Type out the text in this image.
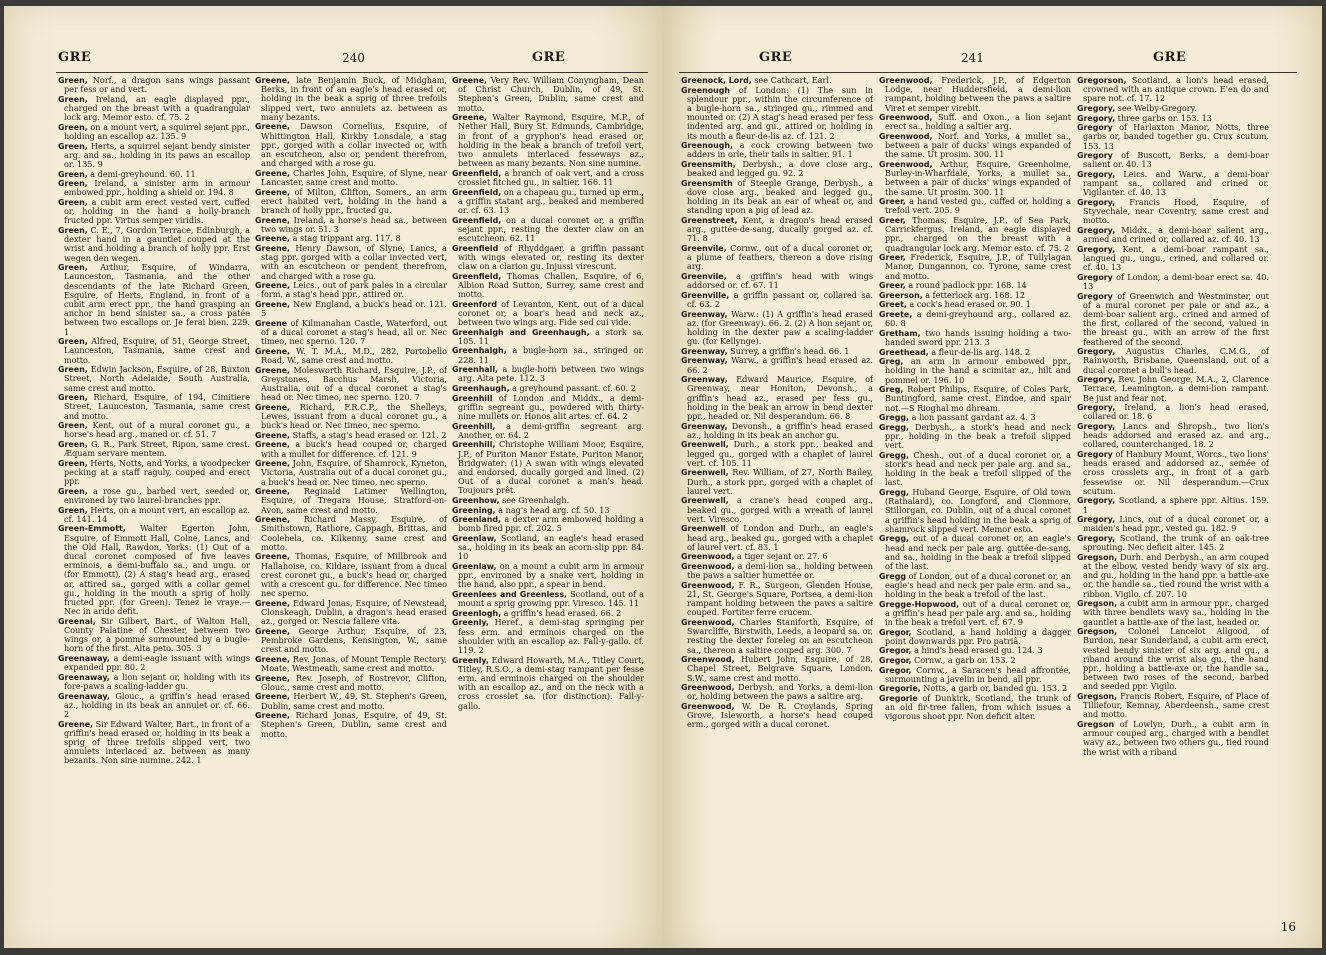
GRE	240	GRE
Green, Norf., a dragon sans wings passant per fess or and vert.
Green, Ireland, an eagle displayed ppr., charged on the breast with a quadrangular lock arg. Memor esto. cf. 75. 2
Green, on a mount vert, a squirrel sejant ppr., holding an escallop az. 135. 9
Green, Herts, a squirrel sejant bendy sinister arg. and sa., holding in its paws an escallop or. 135. 9
Green, a demi-greyhound. 60. 11
Green, Ireland, a sinister arm in armour embowed ppr., holding a shield or. 194. 8
Green, a cubit arm erect vested vert, cuffed or, holding in the hand a holly-branch fructed ppr. Virtus semper viridis.
Green, C. E., 7, Gordon Terrace, Edinburgh, a dexter hand in a gauntlet couped at the wrist and holding a branch of holly ppr. Erst wegen den wegen.
Green, Arthur, Esquire, of Windarra, Launceston, Tasmania, and the other descendants of the late Richard Green, Esquire, of Herts, England, in front of a cubit arm erect ppr., the hand grasping an anchor in bend sinister sa., a cross patée between two escallops or. Je ferai bien. 229. 1
Green, Alfred, Esquire, of 51, George Street, Launceston, Tasmania, same crest and motto.
Green, Edwin Jackson, Esquire, of 28, Buxton Street, North Adelaide, South Australia, same crest and motto.
Green, Richard, Esquire, of 194, Cimitiere Street, Launceston, Tasmania, same crest and motto.
Green, Kent, out of a mural coronet gu., a horse's head arg., maned or. cf. 51. 7
Green, G. R., Park Street, Ripon, same crest. Æquam servare mentem.
Green, Herts, Notts, and Yorks, a woodpecker pecking at a staff raguly, couped and erect ppr.
Green, a rose gu., barbed vert, seeded or, environed by two laurel-branches ppr.
Green, Herts, on a mount vert, an escallop az. cf. 141. 14
Green-Emmott, Walter Egerton John, Esquire, of Emmott Hall, Colne, Lancs, and the Old Hall, Rawdon, Yorks: (1) Out of a ducal coronet composed of five leaves erminois, a demi-buffalo sa., and ungu. or (for Emmott). (2) A stag's head arg., erased or, attired sa., gorged with a collar gemel gu., holding in the mouth a sprig of holly fructed ppr. (for Green). Tenez le vraye.—Nec in arido defit.
Greenal, Sir Gilbert, Bart., of Walton Hall, County Palatine of Chester, between two wings or, a pommé surmounted by a bugle-horn of the first. Alta peto. 305. 3
Greenaway, a demi-eagle issuant with wings expanded ppr. 80. 2
Greenaway, a lion sejant or, holding with its fore-paws a scaling-ladder gu.
Greenaway, Glouc., a griffin's head erased az., holding in its beak an annulet or. cf. 66. 2
Greene, Sir Edward Walter, Bart., in front of a griffin's head erased or, holding in its beak a sprig of three trefoils slipped vert, two annulets interlaced az. between as many bezants. Non sine numine. 242. 1
Greene, late Benjamin Buck, of Midgham, Berks, in front of an eagle's head erased or, holding in the beak a sprig of three trefoils slipped vert, two annulets az. between as many bezants.
Greene, Dawson Cornelius, Esquire, of Whittington Hall, Kirkby Lonsdale, a stag ppr., gorged with a collar invected or, with an escutcheon, also or, pendent therefrom, and charged with a rose gu.
Greene, Charles John, Esquire, of Slyne, near Lancaster, same crest and motto.
Greene, of Milton, Clifton, Somers., an arm erect habited vert, holding in the hand a branch of holly ppr., fructed gu.
Greene, Ireland, a horse's head sa., between two wings or. 51. 3
Greene, a stag trippant arg. 117. 8
Greene, Henry Dawson, of Slyne, Lancs, a stag ppr. gorged with a collar invected vert, with an escutcheon or pendent therefrom, and charged with a rose gu.
Greene, Leics., out of park pales in a circular form, a stag's head ppr., attired or.
Greene, New England, a buck's head or. 121. 5
Greene of Kilmanahan Castle, Waterford, out of a ducal coronet a stag's head, all or. Nec timeo, nec sperno. 120. 7
Greene, W. T. M.A., M.D., 282, Portobello Road, W., same crest and motto.
Greene, Molesworth Richard, Esquire, J.P., of Greystones, Bacchus Marsh, Victoria, Australia, out of a ducal coronet a stag's head or. Nec timeo, nec sperno. 120. 7
Greene, Richard, F.R.C.P., the Shelleys, Lewes, issuant from a ducal coronet gu., a buck's head or. Nec timeo, nec sperno.
Greene, Staffs, a stag's head erased or. 121. 2
Greene, a buck's head couped or, charged with a mullet for difference. cf. 121. 9
Greene, John, Esquire, of Shamrock, Kyneton, Victoria, Australia out of a ducal coronet gu., a buck's head or. Nec timeo, nec sperno.
Greene, Reginald Latimer Wellington, Esquire, of Tregara House, Stratford-on-Avon, same crest and motto.
Greene, Richard Massy, Esquire, of Smithstown, Rathore, Cappagh, Brittas, and Coolehela, co. Kilkenny, same crest and motto.
Greene, Thomas, Esquire, of Millbrook and Hallahoise, co. Kildare, issuant from a ducal crest coronet gu., a buck's head or, charged with a crescent gu. for difference. Nec timeo nec sperno.
Greene, Edward Jonas, Esquire, of Newstead, Clonskeagh, Dublin, a dragon's head erased az., gorged or. Nescia fallere vita.
Greene, George Arthur, Esquire, of 23, Pembroke Gardens, Kensington, W., same crest and motto.
Greene, Rev. Jonas, of Mount Temple Rectory, Moate, Westmeath, same crest and motto.
Greene, Rev. Joseph, of Rostrevor, Clifton, Glouc., same crest and motto.
Greene, Herbert W., 49, St. Stephen's Green, Dublin, same crest and motto.
Greene, Richard Jonas, Esquire, of 49, St. Stephen's Green, Dublin, same crest and motto.
Greene, Very Rev. William Conyngham, Dean of Christ Church, Dublin, of 49, St. Stephen's Green, Dublin, same crest and motto.
Greene, Walter Raymond, Esquire, M.P., of Nether Hall, Bury St. Edmunds, Cambridge, in front of a gryphon's head erased or, holding in the beak a branch of trefoil vert, two annulets interlaced fesseways az., between as many bezants. Non sine numine.
Greenfield, a branch of oak vert, and a cross crosslet fitched gu., in saltier. 166. 11
Greenfield, on a chapeau gu., turned up erm., a griffin statant arg., beaked and membered or. cf. 63. 13
Greenfield, on a ducal coronet or, a griffin sejant ppr., resting the dexter claw on an escutcheon. 62. 11
Greenfield of Rhyddgaer, a griffin passant with wings elevated or, resting its dexter claw on a clarion gu. Injussi virescunt.
Greenfield, Thomas Challen, Esquire, of 6, Albion Road Sutton, Surrey, same crest and motto.
Greenford of Levanton, Kent, out of a ducal coronet or, a boar's head and neck az., between two wings arg. Fide sed cui vide.
Greenhalgh and Greenhaugh, a stork sa. 105. 11
Greenhalgh, a bugle-horn sa., stringed or. 228. 11
Greenhall, a bugle-horn between two wings arg. Alta pete. 112. 3
Greenhaugh, a greyhound passant. cf. 60. 2
Greenhill of London and Middx., a demi-griffin segreant gu., powdered with thirty-nine mullets or. Honos alit artes. cf. 64. 2
Greenhill, a demi-griffin segreant arg. Another, or. 64. 2
Greenhill, Christophe William Moor, Esquire, J.P., of Puriton Manor Estate, Puriton Manor, Bridgwater: (1) A swan with wings elevated and endorsed, ducally gorged and lined. (2) Out of a ducal coronet a man's head. Toujours prêt.
Greenhow, see Greenhalgh.
Greening, a nag's head arg. cf. 50. 13
Greenland, a dexter arm embowed holding a bomb fired ppr. cf. 202. 5
Greenlaw, Scotland, an eagle's head erased sa., holding in its beak an acorn-slip ppr. 84. 10
Greenlaw, on a mount a cubit arm in armour ppr., environed by a snake vert, holding in the hand, also ppr., a spear in bend.
Greenlees and Greenless, Scotland, out of a mount a sprig growing ppr. Viresco. 145. 11
Greenlogh, a griffin's head erased. 66. 2
Greenly, Heref., a demi-stag springing per fess erm. and erminois charged on the shoulder with an escallop az. Fall-y-gallo. cf. 119. 2
Greenly, Edward Howarth, M.A., Titley Court, Titley, R.S.O., a demi-stag rampant per fesse erm. and erminois charged on the shoulder with an escallop az., and on the neck with a cross crosslet sa. (for distinction). Fall-y-gallo.
GRE	241	GRE
Greenock, Lord, see Cathcart, Earl.
Greenough of London: (1) The sun in splendour ppr., within the circumference of a bugle-horn sa., stringed gu., rimmed and mounted or. (2) A stag's head erased per fess indented arg. and gu., attired or, holding in its mouth a fleur-de-lis az. cf. 121. 2
Greenough, a cock crowing between two adders in orle, their tails in saltier. 91. 1
Greensmith, Derbysh., a dove close arg., beaked and legged gu. 92. 2
Greensmith of Steeple Grange, Derbysh., a dove close arg., beaked and legged gu., holding in its beak an ear of wheat or, and standing upon a pig of lead az.
Greenstreet, Kent, a dragon's head erased arg., guttée-de-sang, ducally gorged az. cf. 71. 8
Greenvile, Cornw., out of a ducal coronet or, a plume of feathers, thereon a dove rising arg.
Greenvile, a griffin's head with wings addorsed or. cf. 67. 11
Greenville, a griffin passant or, collared sa. cf. 63. 2
Greenway, Warw.: (1) A griffin's head erased az. (for Greenway). 66. 2. (2) A lion sejant or, holding in the dexter paw a scaling-ladder gu. (for Kellynge).
Greenway, Surrey, a griffin's head. 66. 1
Greenway, Warw., a griffin's head erased az. 66. 2
Greenway, Edward Maurice, Esquire, of Greenway, near Honiton, Devonsh., a griffin's head az., erased per fess gu., holding in the beak an arrow in bend dexter ppr., headed or. Nil desperandum. 66. 8
Greenway, Devonsh., a griffin's head erased az., holding in its beak an anchor gu.
Greenwell, Durh., a stork ppr., beaked and legged gu., gorged with a chaplet of laurel vert. cf. 105. 11
Greenwell, Rev. William, of 27, North Bailey, Durh., a stork ppr., gorged with a chaplet of laurel vert.
Greenwell, a crane's head couped arg., beaked gu., gorged with a wreath of laurel vert. Viresco.
Greenwell of London and Durh., an eagle's head arg., beaked gu., gorged with a chaplet of laurel vert. cf. 83. 1
Greenwood, a tiger sejant or. 27. 6
Greenwood, a demi-lion sa., holding between the paws a saltier humettée or.
Greenwood, F. R., Surgeon, Glenden House, 21, St. George's Square, Portsea, a demi-lion rampant holding between the paws a saltire couped. Fortiter ferre crucem.
Greenwood, Charles Staniforth, Esquire, of Swarcliffe, Birstwith, Leeds, a leopard sa. or, resting the dexter foreleg on an escutcheon sa., thereon a saltire couped arg. 300. 7
Greenwood, Hubert John, Esquire, of 28, Chapel Street, Belgrave Square, London, S.W., same crest and motto.
Greenwood, Derbysh. and Yorks, a demi-lion or, holding between the paws a saltire arg.
Greenwood, W. De R. Croylands, Spring Grove, Isleworth, a horse's head couped erm., gorged with a ducal coronet.
Greenwood, Frederick, J.P., of Edgerton Lodge, near Huddersfield, a demi-lion rampant, holding between the paws a saltire Viret et semper virebit.
Greenwood, Suff. and Oxon., a lion sejant erect sa., holding a saltier arg.
Greenwood, Norf. and Yorks, a mullet sa., between a pair of ducks' wings expanded of the same. Ut prosim. 300. 11
Greenwood, Arthur, Esquire, Greenholme, Burley-in-Wharfdale, Yorks, a mullet sa., between a pair of ducks' wings expanded of the same. Ut prosim. 300. 11
Greer, a hand vested gu., cuffed or, holding a trefoil vert. 205. 9
Greer, Thomas, Esquire, J.P., of Sea Park, Carrickfergus, Ireland, an eagle displayed ppr., charged on the breast with a quadrangular lock arg. Memor esto. cf. 75. 2
Greer, Frederick, Esquire, J.P., of Tullylagan Manor, Dungannon, co. Tyrone, same crest and motto.
Greer, a round padlock ppr. 168. 14
Greerson, a fetterlock arg. 168. 12
Greet, a cock's head erased or. 90. 1
Greete, a demi-greyhound arg., collared az. 60. 8
Gretham, two hands issuing holding a two-handed sword ppr. 213. 3
Greethead, a fleur-de-lis arg. 148. 2
Greg, an arm in armour embowed ppr., holding in the hand a scimitar az., hilt and pommel or. 196. 10
Greg, Robert Philips, Esquire, of Coles Park, Buntingford, same crest. Eindoe, and spair not.—S Rioghal mo dhream.
Gregg, a lion passant gardant az. 4. 3
Gregg, Derbysh., a stork's head and neck ppr., holding in the beak a trefoil slipped vert.
Gregg, Chesh., out of a ducal coronet or, a stork's head and neck per pale arg. and sa., holding in the beak a trefoil slipped of the last.
Gregg, Huband George, Esquire, of Old town (Rathalard), co. Longford, and Clonmore, Stillorgan, co. Dublin, out of a ducal coronet a griffin's head holding in the beak a sprig of shamrock slipped vert. Memor esto.
Gregg, out of a ducal coronet or, an eagle's head and neck per pale arg. guttée-de-sang, and sa., holding in the beak a trefoil slipped of the last.
Gregg of London, out of a ducal coronet or, an eagle's head and neck per pale erm. and sa., holding in the beak a trefoil of the last.
Gregge-Hopwood, out of a ducal coronet or, a griffin's head per pale arg. and sa., holding in the beak a trefoil vert. cf. 67. 9
Gregor, Scotland, a hand holding a dagger point downwards ppr. Pro patriâ.
Gregor, a hind's head erased gu. 124. 3
Gregor, Cornw., a garb or. 153. 2
Gregor, Cornw., a Saracen's head affrontée, surmounting a javelin in bend, all ppr.
Gregorie, Notts, a garb or, banded gu. 153. 2
Gregorie of Dunkirk, Scotland, the trunk of an old fir-tree fallen, from which issues a vigorous shoot ppr. Non deficit alter.
Gregorson, Scotland, a lion's head erased, crowned with an antique crown. E'en do and spare not. cf. 17. 12
Gregory, see Welby-Gregory.
Gregory, three garbs or. 153. 13
Gregory of Harlaxton Manor, Notts, three garbs or, banded together gu. Crux scutum. 153. 13
Gregory of Buscott, Berks, a demi-boar salient or. 40. 13
Gregory, Leics. and Warw., a demi-boar rampant sa., collared and crined or. Vigilanter. cf. 40. 13
Gregory, Francis Hood, Esquire, of Styvechale, near Coventry, same crest and motto.
Gregory, Middx., a demi-boar salient arg., armed and crined or, collared az. cf. 40. 13
Gregory, Kent, a demi-boar rampant sa., langued gu., ungu., crined, and collared or. cf. 40. 13
Gregory of London, a demi-boar erect sa. 40. 13
Gregory of Greenwich and Westminster, out of a mural coronet per pale or and az., a demi-boar salient arg., crined and armed of the first, collared of the second, valued in the breast gu., with an arrow of the first feathered of the second.
Gregory, Augustus Charles, C.M.G., of Rainworth, Brisbane, Queensland, out of a ducal coronet a bull's head.
Gregory, Rev. John George, M.A., 2, Clarence Terrace, Leamington, a demi-lion rampant. Be just and fear not.
Gregory, Ireland, a lion's head erased, collared or. 18. 6
Gregory, Lancs and Shropsh., two lion's heads addorsed and erased az. and arg., collared, counterchanged. 18. 2
Gregory of Hanbury Mount, Worcs., two lions' heads erased and addorsed az., semée of cross crosslets arg., in front of a garb fessewise or. Nil desperandum.—Crux scutum.
Gregory, Scotland, a sphere ppr. Altius. 159. 1
Gregory, Lincs, out of a ducal coronet or, a maiden's head ppr., vested gu. 182. 9
Gregory, Scotland, the trunk of an oak-tree sprouting. Nec deficit alter. 145. 2
Gregson, Durh. and Derbysh., an arm couped at the elbow, vested bendy wavy of six arg. and gu., holding in the hand ppr. a battle-axe or, the handle sa., tied round the wrist with a ribbon. Vigilo. cf. 207. 10
Gregson, a cubit arm in armour ppr., charged with three bendlets wavy sa., holding in the gauntlet a battle-axe of the last, headed or.
Gregson, Colonel Lancelot Allgood, of Burdon, near Sunderland, a cubit arm erect, vested bendy sinister of six arg. and gu., a riband around the wrist also gu., the hand ppr., holding a battle-axe or, the handle sa., between two roses of the second, barbed and seeded ppr. Vigilo.
Gregson, Francis Robert, Esquire, of Place of Tilliefour, Kemnay, Aberdeensh., same crest and motto.
Gregson of Lowlyn, Durh., a cubit arm in armour couped arg., charged with a bendlet wavy az., between two others gu., tied round the wrist with a riband
16
